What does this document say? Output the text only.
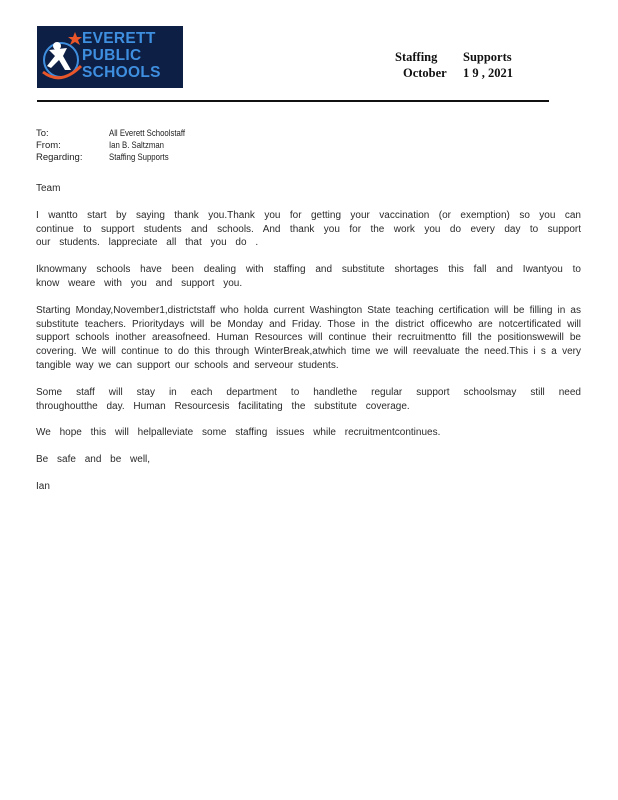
EVERETT
PUBLIC
SCHOOLS
Staffing	Supports
October	1 9 , 2021
To:	All Everett Schoolstaff
From:	Ian B. Saltzman
Regarding:	Staffing Supports

Team

I wantto start by saying thank you.Thank you for getting your vaccination (or exemption) so you can continue to support students and schools. And thank you for the work you do every day to support our students. lappreciate all that you do .

Iknowmany schools have been dealing with staffing and substitute shortages this fall and Iwantyou to know weare with you and support you.

Starting Monday,November1,districtstaff who holda current Washington State teaching certification will be filling in as substitute teachers. Prioritydays will be Monday and Friday. Those in the district officewho are notcertificated will support schools inother areasofneed. Human Resources will continue their recruitmentto fill the positionswewill be covering. We will continue to do this through WinterBreak,atwhich time we will reevaluate the need.This i s a very tangible way we can support our schools and serveour students.

Some staff will stay in each department to handlethe regular support schoolsmay still need throughoutthe day. Human Resourcesis facilitating the substitute coverage.

We hope this will helpalleviate some staffing issues while recruitmentcontinues.

Be safe and be well,

Ian
